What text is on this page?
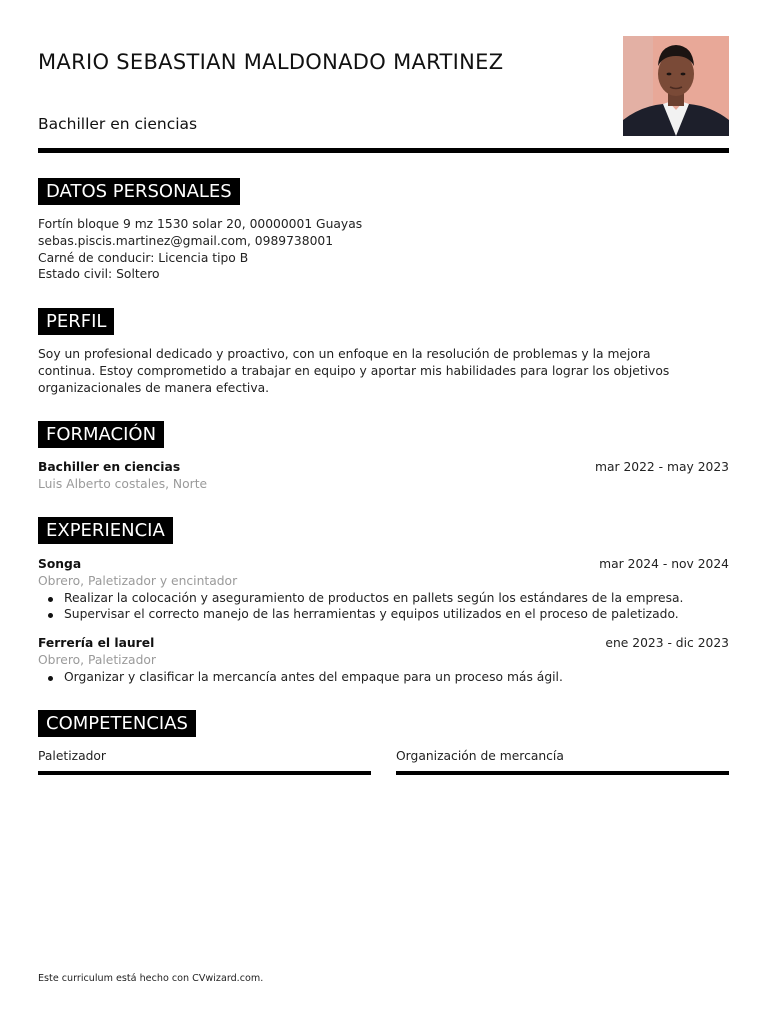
MARIO SEBASTIAN MALDONADO MARTINEZ
Bachiller en ciencias
DATOS PERSONALES
Fortín bloque 9 mz 1530 solar 20, 00000001 Guayas
sebas.piscis.martinez@gmail.com, 0989738001
Carné de conducir: Licencia tipo B
Estado civil: Soltero
PERFIL
Soy un profesional dedicado y proactivo, con un enfoque en la resolución de problemas y la mejora
continua. Estoy comprometido a trabajar en equipo y aportar mis habilidades para lograr los objetivos
organizacionales de manera efectiva.
FORMACIÓN
Bachiller en ciencias	mar 2022 - may 2023
Luis Alberto costales, Norte
EXPERIENCIA
Songa	mar 2024 - nov 2024
Obrero, Paletizador y encintador
Realizar la colocación y aseguramiento de productos en pallets según los estándares de la empresa.
Supervisar el correcto manejo de las herramientas y equipos utilizados en el proceso de paletizado.
Ferrería el laurel	ene 2023 - dic 2023
Obrero, Paletizador
Organizar y clasificar la mercancía antes del empaque para un proceso más ágil.
COMPETENCIAS
Paletizador	Organización de mercancía
Este curriculum está hecho con CVwizard.com.
